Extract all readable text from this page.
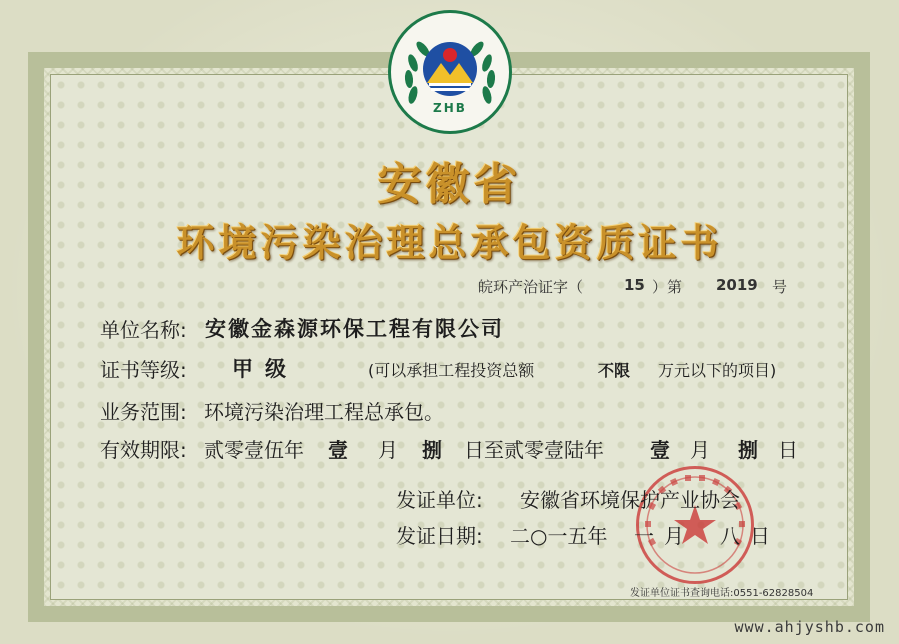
ZHB
安徽省
环境污染治理总承包资质证书
皖环产治证字（	15 ）第 2019 号
单位名称: 安徽金森源环保工程有限公司
证书等级: 甲级	(可以承担工程投资总额	不限 万元以下的项目)
业务范围: 环境污染治理工程总承包。
有效期限: 贰零壹伍年 壹 月 捌 日至贰零壹陆年 壹 月 捌 日
发证单位: 安徽省环境保护产业协会
发证日期: 二○一五年 一月 八日
发证单位证书查询电话:0551-62828504
www.ahjyshb.com
